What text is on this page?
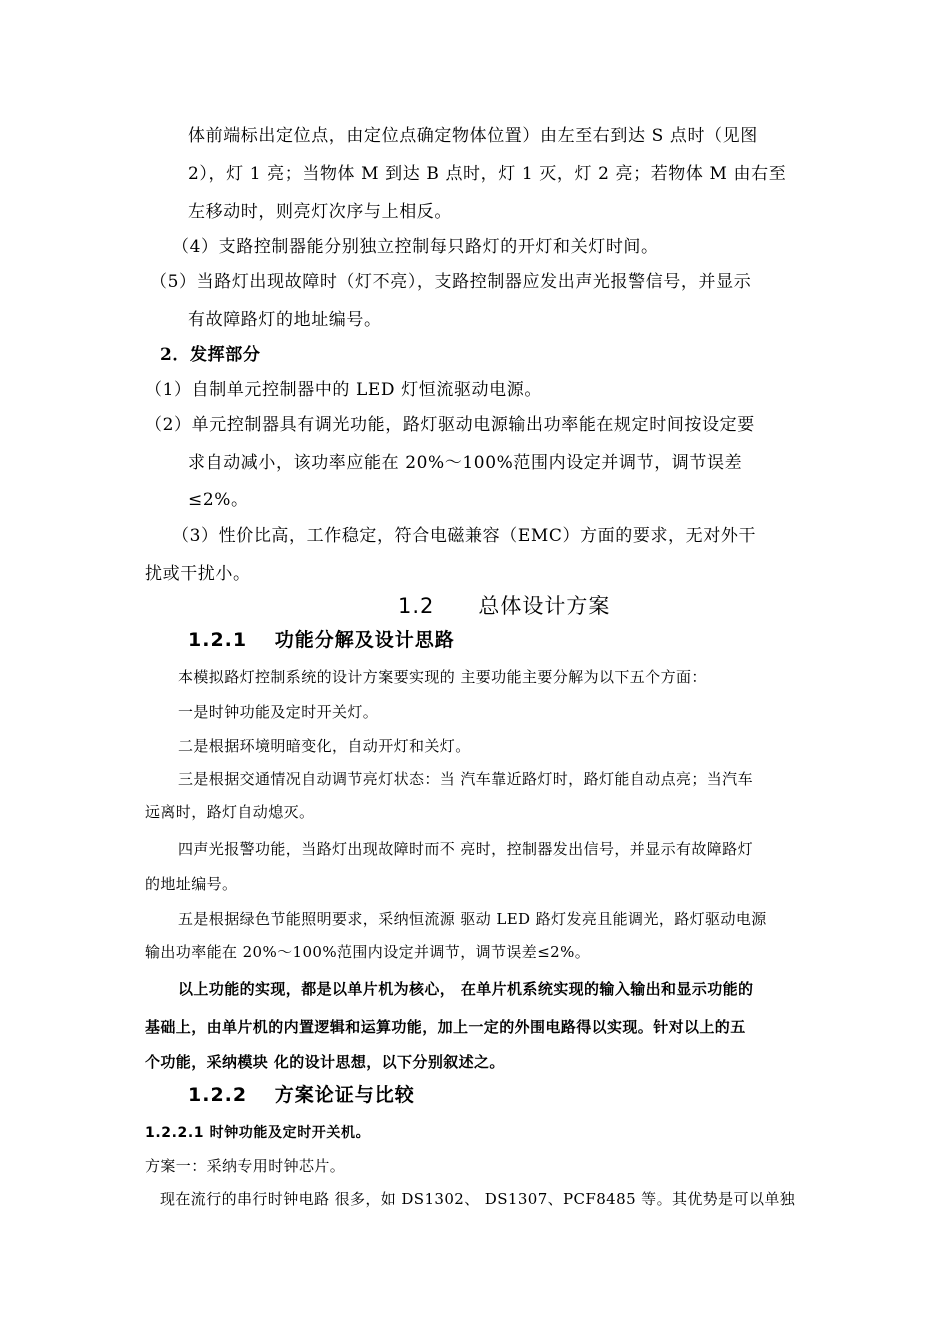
体前端标出定位点，由定位点确定物体位置）由左至右到达 S 点时（见图
2），灯 1 亮；当物体 M 到达 B 点时，灯 1 灭，灯 2 亮；若物体 M 由右至
左移动时，则亮灯次序与上相反。
（4）支路控制器能分别独立控制每只路灯的开灯和关灯时间。
（5）当路灯出现故障时（灯不亮），支路控制器应发出声光报警信号，并显示
有故障路灯的地址编号。
2．发挥部分
（1）自制单元控制器中的 LED 灯恒流驱动电源。
（2）单元控制器具有调光功能，路灯驱动电源输出功率能在规定时间按设定要
求自动减小，该功率应能在 20%～100%范围内设定并调节，调节误差
≤2%。
（3）性价比高，工作稳定，符合电磁兼容（EMC）方面的要求，无对外干
扰或干扰小。
1.2　　总体设计方案
1.2.1　 功能分解及设计思路
本模拟路灯控制系统的设计方案要实现的 主要功能主要分解为以下五个方面：
一是时钟功能及定时开关灯。
二是根据环境明暗变化，自动开灯和关灯。
三是根据交通情况自动调节亮灯状态：当 汽车靠近路灯时，路灯能自动点亮；当汽车
远离时，路灯自动熄灭。
四声光报警功能，当路灯出现故障时而不 亮时，控制器发出信号，并显示有故障路灯
的地址编号。
五是根据绿色节能照明要求，采纳恒流源 驱动 LED 路灯发亮且能调光，路灯驱动电源
输出功率能在 20%～100%范围内设定并调节，调节误差≤2%。
以上功能的实现，都是以单片机为核心， 在单片机系统实现的输入输出和显示功能的
基础上，由单片机的内置逻辑和运算功能，加上一定的外围电路得以实现。针对以上的五
个功能，采纳模块 化的设计思想，以下分别叙述之。
1.2.2　 方案论证与比较
1.2.2.1 时钟功能及定时开关机。
方案一：采纳专用时钟芯片。
现在流行的串行时钟电路 很多，如 DS1302、 DS1307、PCF8485 等。其优势是可以单独
